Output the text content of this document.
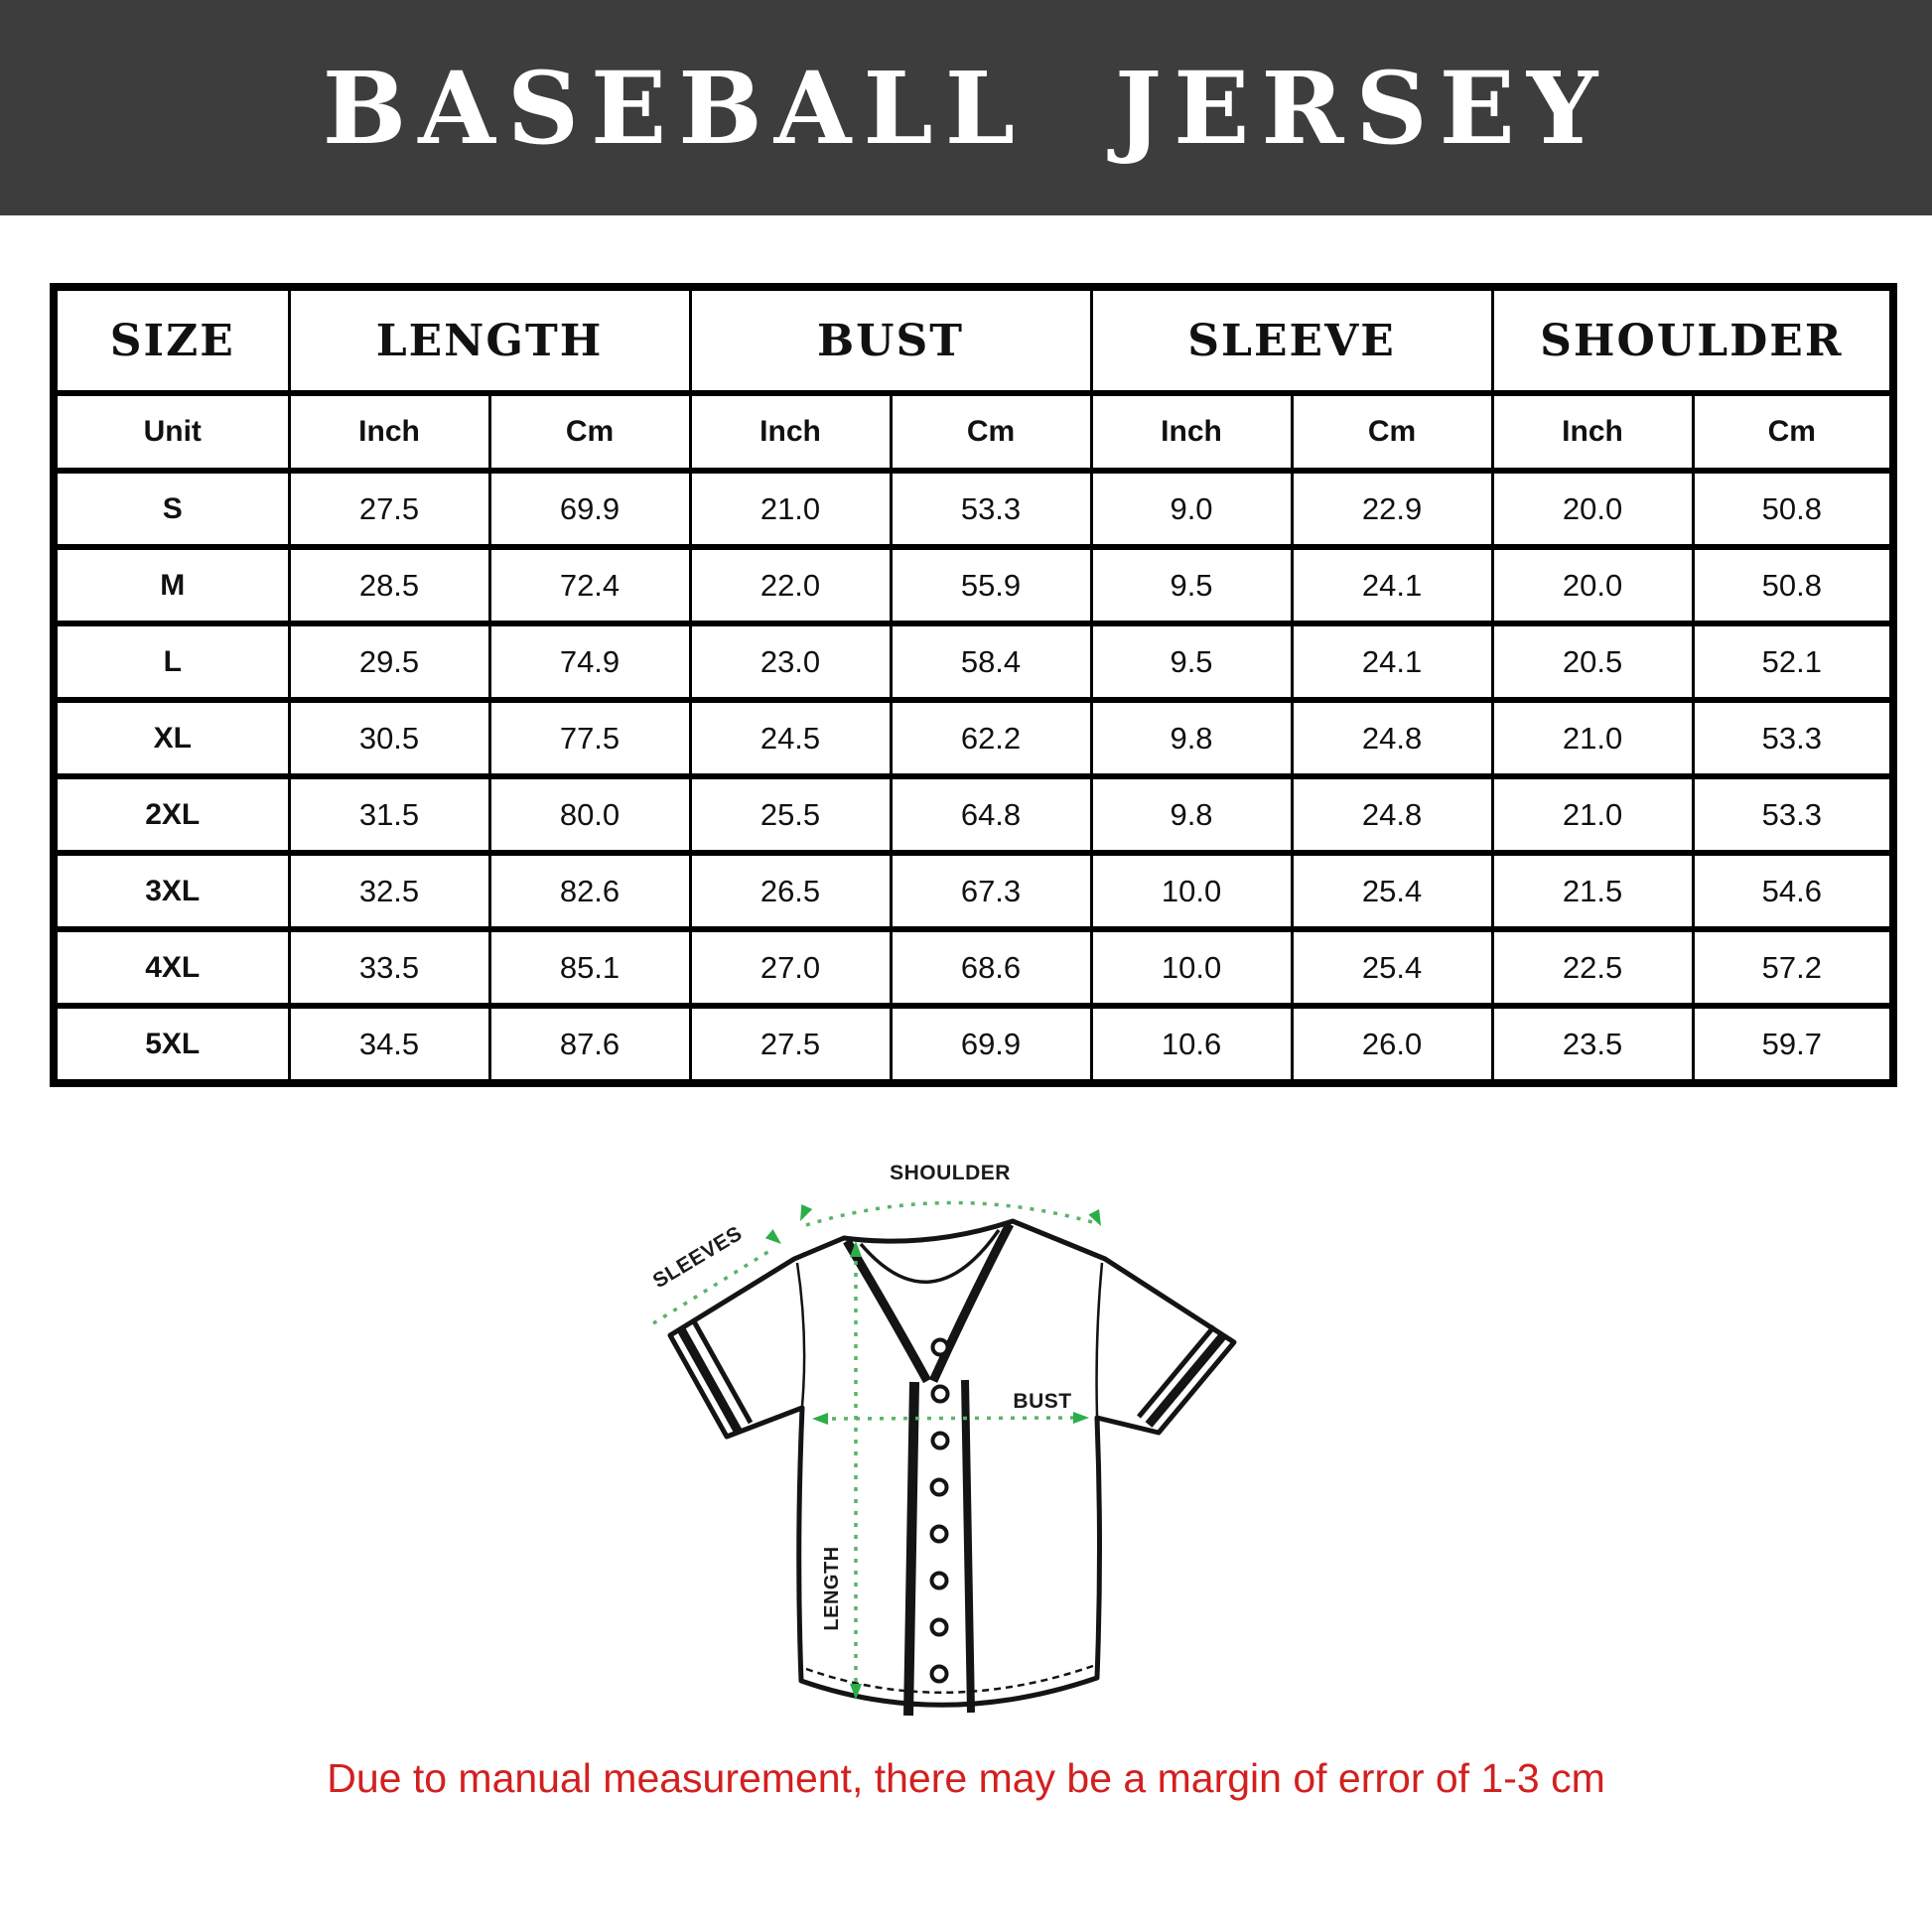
BASEBALL JERSEY
SIZE	LENGTH		BUST		SLEEVE		SHOULDER	
Unit	Inch	Cm	Inch	Cm	Inch	Cm	Inch	Cm
S	27.5	69.9	21.0	53.3	9.0	22.9	20.0	50.8
M	28.5	72.4	22.0	55.9	9.5	24.1	20.0	50.8
L	29.5	74.9	23.0	58.4	9.5	24.1	20.5	52.1
XL	30.5	77.5	24.5	62.2	9.8	24.8	21.0	53.3
2XL	31.5	80.0	25.5	64.8	9.8	24.8	21.0	53.3
3XL	32.5	82.6	26.5	67.3	10.0	25.4	21.5	54.6
4XL	33.5	85.1	27.0	68.6	10.0	25.4	22.5	57.2
5XL	34.5	87.6	27.5	69.9	10.6	26.0	23.5	59.7
SHOULDER
SLEEVES
BUST
LENGTH
Due to manual measurement, there may be a margin of error of 1-3 cm
